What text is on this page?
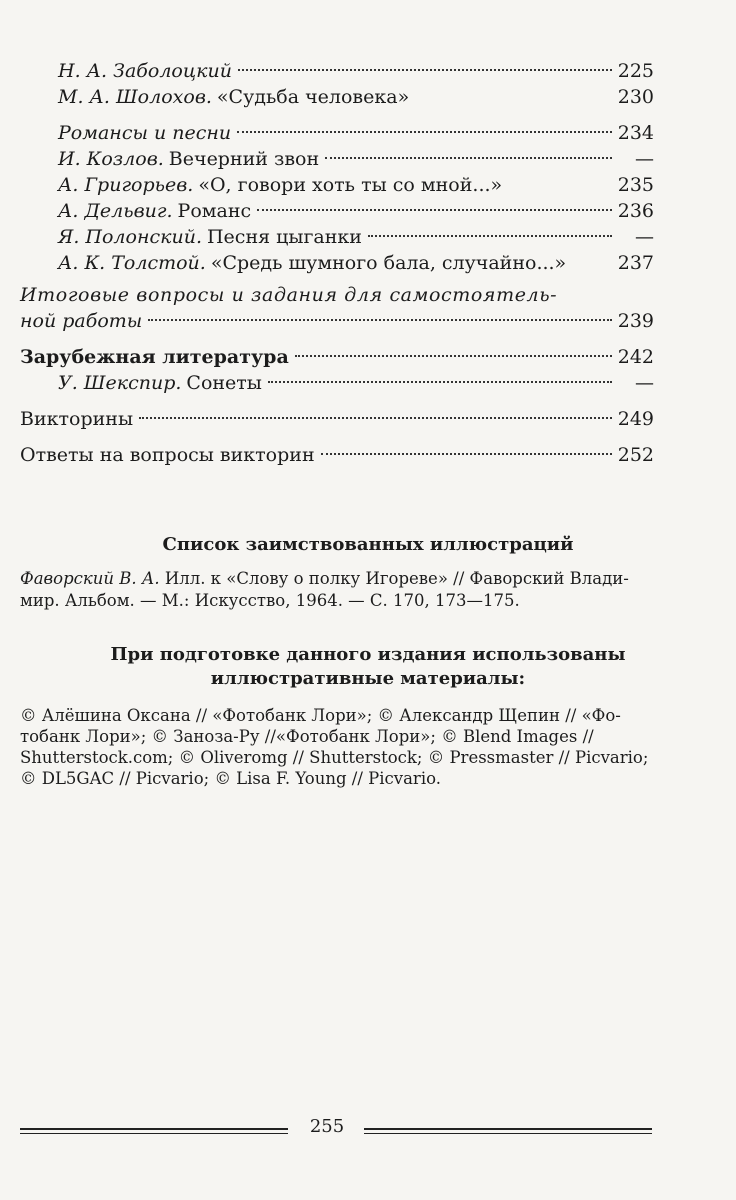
Н. А. Заболоцкий	225
М. А. Шолохов. «Судьба человека»	230
Романсы и песни	234
И. Козлов. Вечерний звон	—
А. Григорьев. «О, говори хоть ты со мной...»	235
А. Дельвиг. Романс	236
Я. Полонский. Песня цыганки	—
А. К. Толстой. «Средь шумного бала, случайно...»	237
Итоговые вопросы и задания для самостоятель-
ной работы	239
Зарубежная литература	242
У. Шекспир. Сонеты	—
Викторины	249
Ответы на вопросы викторин	252
Список заимствованных иллюстраций
Фаворский В. А. Илл. к «Слову о полку Игореве» // Фаворский Влади-
мир. Альбом. — М.: Искусство, 1964. — С. 170, 173—175.
При подготовке данного издания использованы
иллюстративные материалы:
© Алёшина Оксана // «Фотобанк Лори»; © Александр Щепин // «Фо-
тобанк Лори»; © Заноза-Ру //«Фотобанк Лори»; © Blend Images //
Shutterstock.com; © Oliveromg // Shutterstock; © Pressmaster // Picvario;
© DL5GAC // Picvario; © Lisa F. Young // Picvario.
255
